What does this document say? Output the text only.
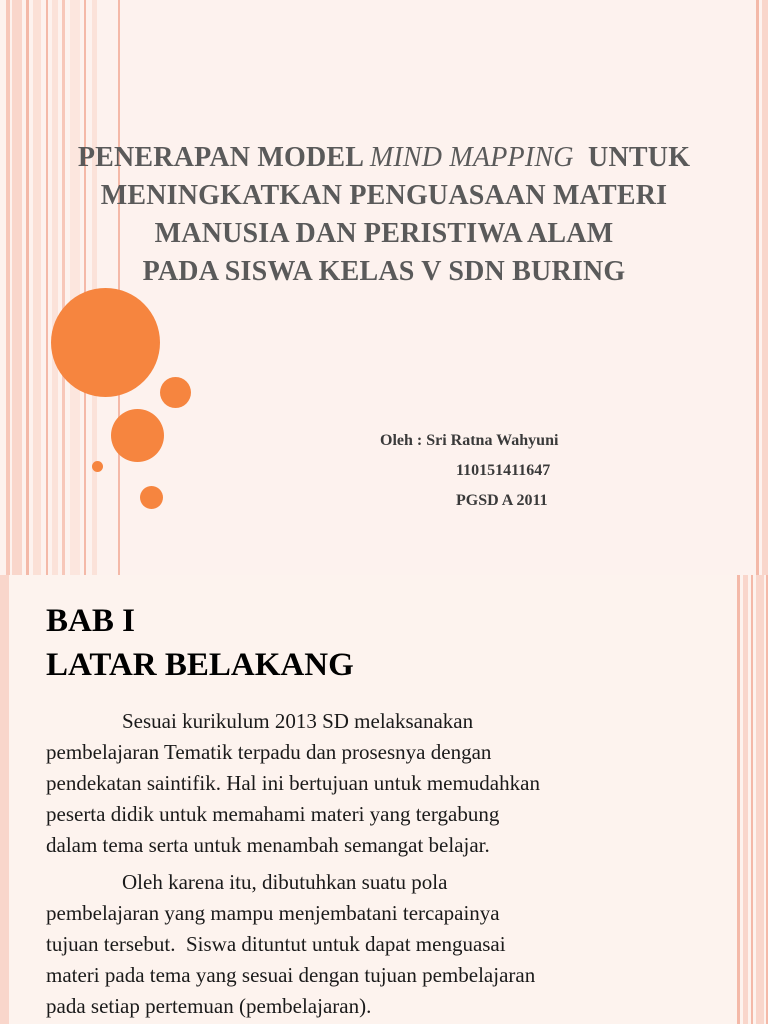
PENERAPAN MODEL MIND MAPPING  UNTUK
MENINGKATKAN PENGUASAAN MATERI
MANUSIA DAN PERISTIWA ALAM
PADA SISWA KELAS V SDN BURING
Oleh : Sri Ratna Wahyuni
110151411647
PGSD A 2011
BAB I
LATAR BELAKANG
Sesuai kurikulum 2013 SD melaksanakan
pembelajaran Tematik terpadu dan prosesnya dengan
pendekatan saintifik. Hal ini bertujuan untuk memudahkan
peserta didik untuk memahami materi yang tergabung
dalam tema serta untuk menambah semangat belajar.
Oleh karena itu, dibutuhkan suatu pola
pembelajaran yang mampu menjembatani tercapainya
tujuan tersebut.  Siswa dituntut untuk dapat menguasai
materi pada tema yang sesuai dengan tujuan pembelajaran
pada setiap pertemuan (pembelajaran).
